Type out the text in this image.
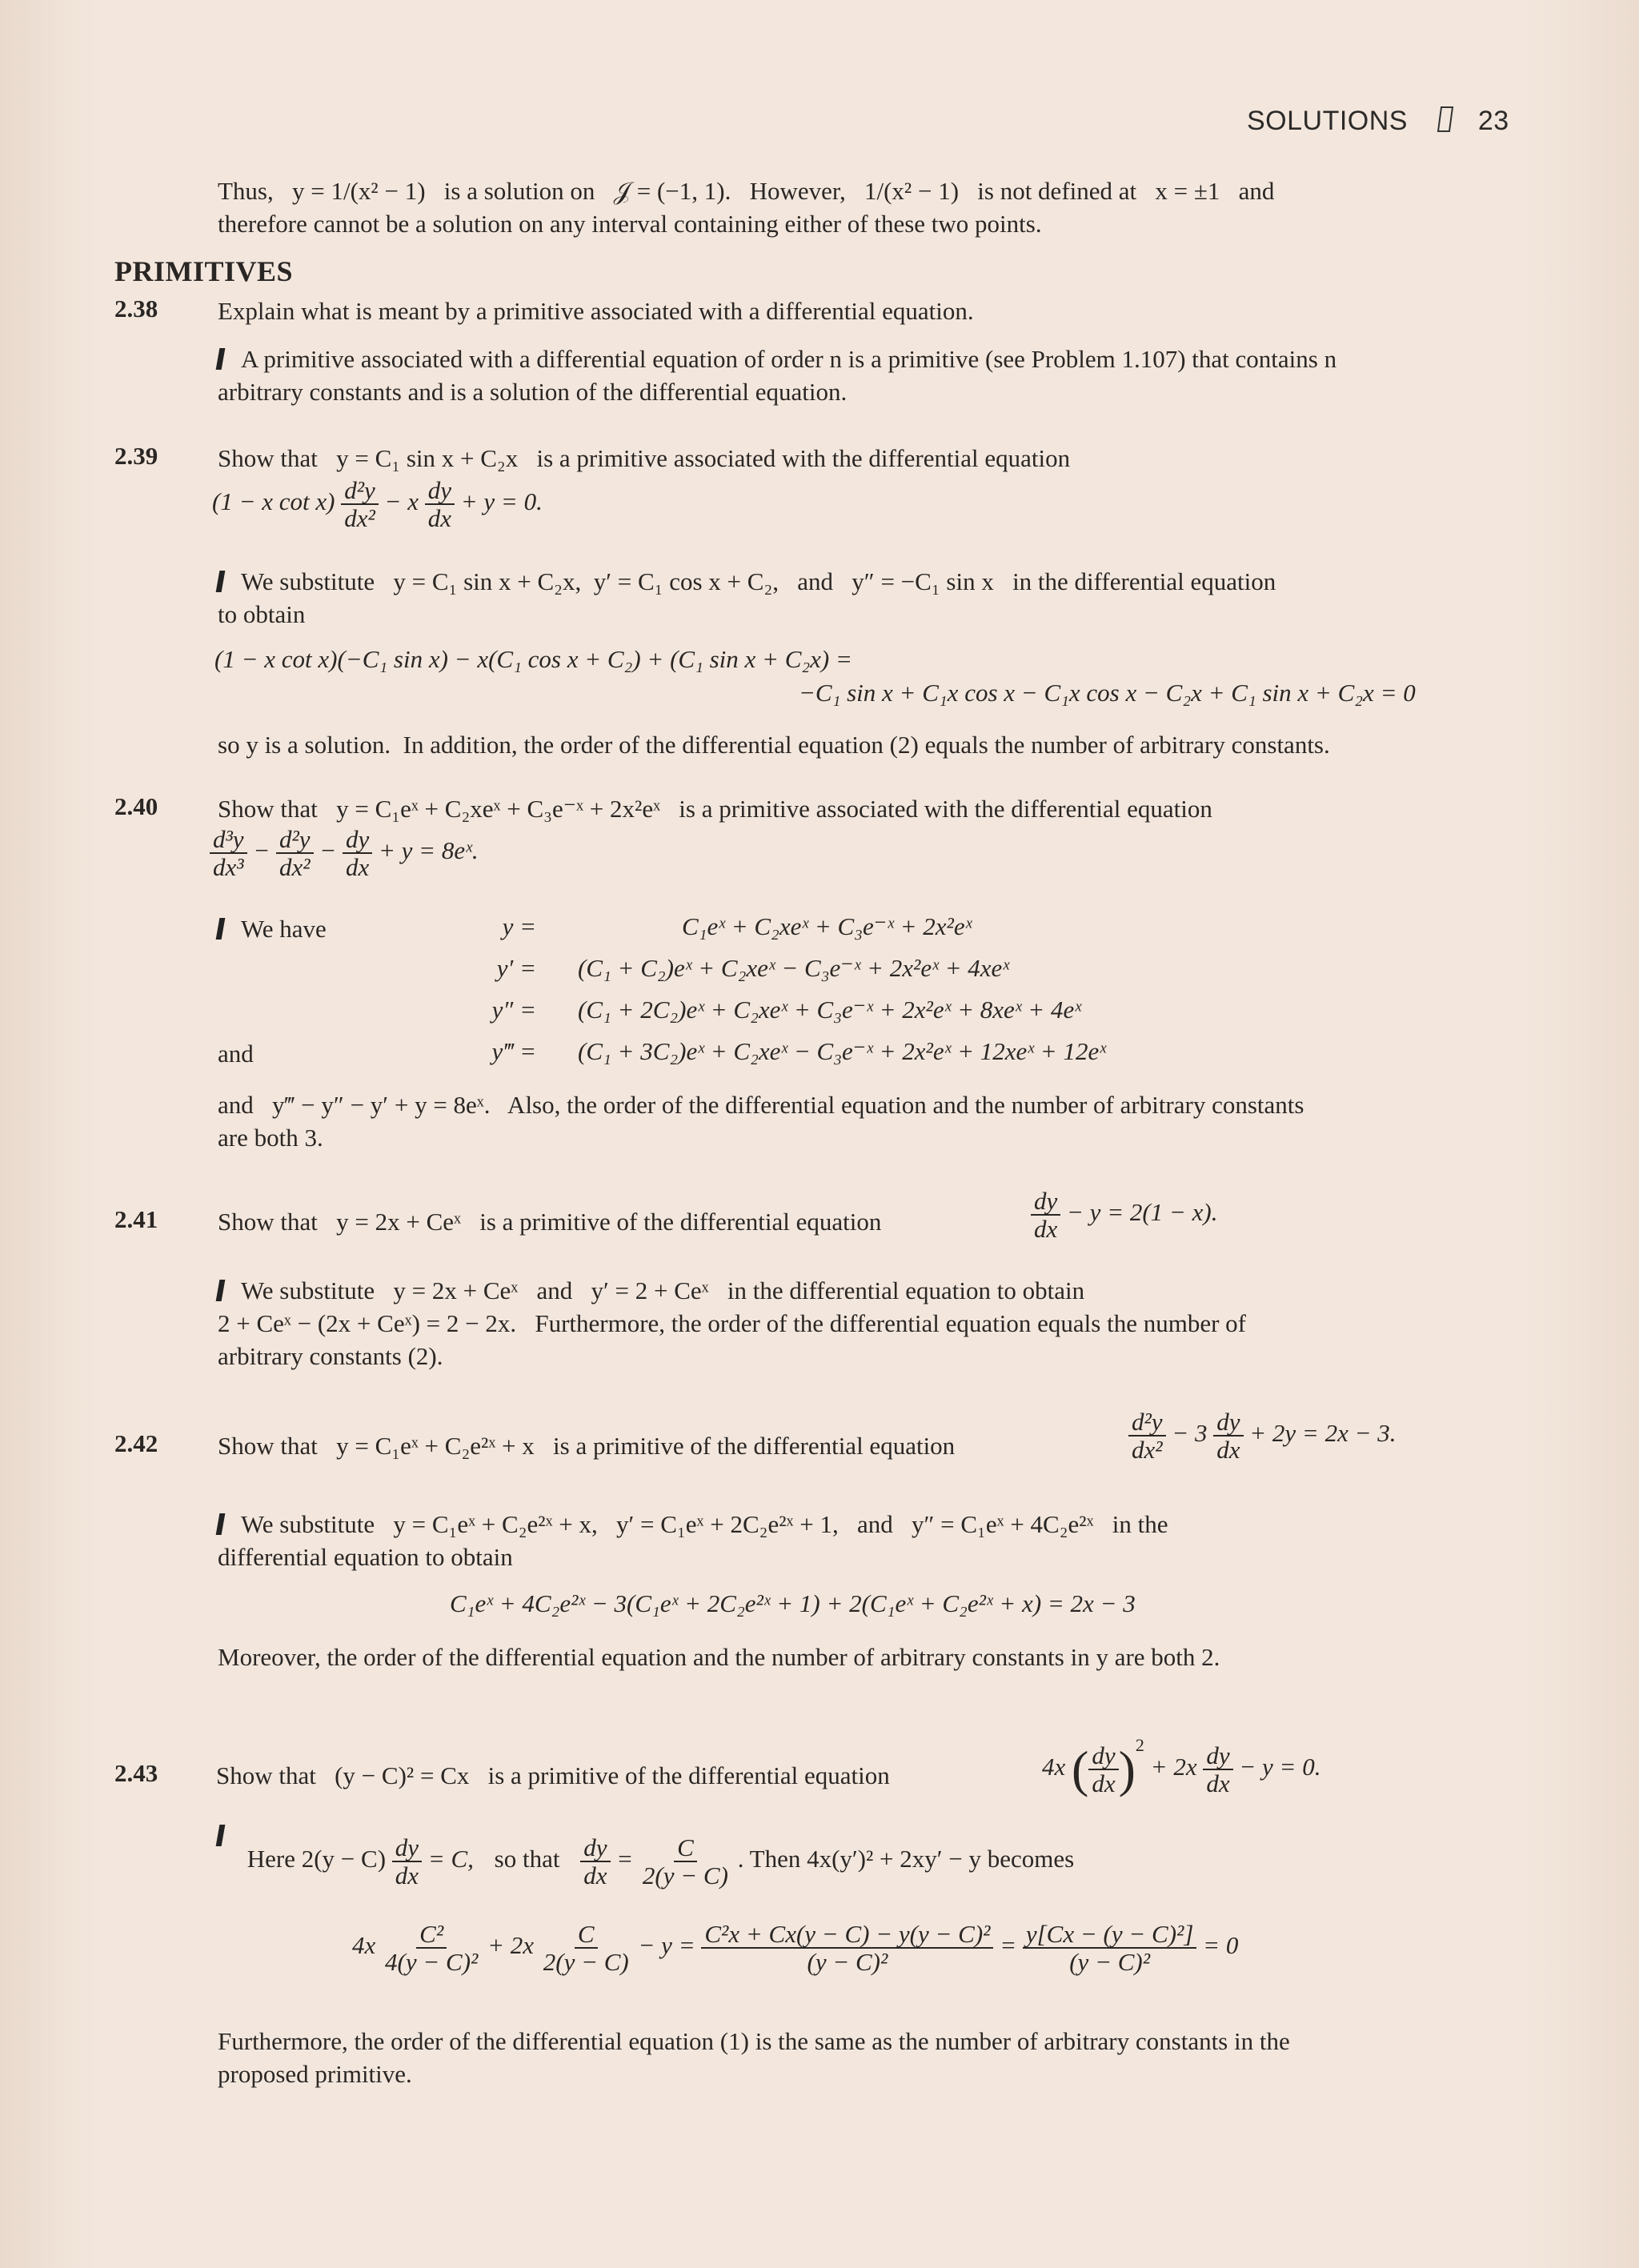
SOLUTIONS	23
Thus,   y = 1/(x² − 1)   is a solution on   𝒥 = (−1, 1).   However,   1/(x² − 1)   is not defined at   x = ±1   and
therefore cannot be a solution on any interval containing either of these two points.
PRIMITIVES
2.38 Explain what is meant by a primitive associated with a differential equation.
A primitive associated with a differential equation of order n is a primitive (see Problem 1.107) that contains n
arbitrary constants and is a solution of the differential equation.
2.39 Show that   y = C₁ sin x + C₂x   is a primitive associated with the differential equation
(1 − x $\cot x) \frac{\text{d²y}}{\text{dx²}} - x \frac{dy}{dx} + y = 0$.
We substitute   y = C₁ sin x + C₂x,  y′ = C₁ cos x + C₂,   and   y″ = −C₁ sin x   in the differential equation
to obtain
(1 − x cot x)(−C₁ sin x) − x(C₁ cos x + C₂) + (C₁ sin x + C₂x) =
−C₁ sin x + C₁x cos x − C₁x cos x − C₂x + C₁ sin x + C₂x = 0
so y is a solution.  In addition, the order of the differential equation (2) equals the number of arbitrary constants.
2.40 Show that   y = C₁eˣ + C₂xeˣ + C₃e⁻ˣ + 2x²eˣ   is a primitive associated with the differential equation
$\frac{\text{d³y}}{\text{dx³}} - \frac{\text{d²y}}{\text{dx²}} - \frac{dy}{dx} + y$ = 8eˣ.
We have	y =	C₁eˣ + C₂xeˣ + C₃e⁻ˣ + 2x²eˣ
y′ = (C₁ + C₂)eˣ + C₂xeˣ − C₃e⁻ˣ + 2x²eˣ + 4xeˣ
y″ = (C₁ + 2C₂)eˣ + C₂xeˣ + C₃e⁻ˣ + 2x²eˣ + 8xeˣ + 4eˣ
and	y‴ = (C₁ + 3C₂)eˣ + C₂xeˣ − C₃e⁻ˣ + 2x²eˣ + 12xeˣ + 12eˣ
and   y‴ − y″ − y′ + y = 8eˣ.   Also, the order of the differential equation and the number of arbitrary constants
are both 3.
2.41 Show that   y = 2x + Ceˣ   is a primitive of the differential equation	$\frac{dy}{dx} - y = 2(1 - x)$.
We substitute   y = 2x + Ceˣ   and   y′ = 2 + Ceˣ   in the differential equation to obtain
2 + Ceˣ − (2x + Ceˣ) = 2 − 2x.   Furthermore, the order of the differential equation equals the number of
arbitrary constants (2).
2.42 Show that   y = C₁eˣ + C₂e²ˣ + x   is a primitive of the differential equation	$\frac{\text{d²y}}{\text{dx²}} - 3 \frac{dy}{dx} + 2y = 2x - 3$.
We substitute   y = C₁eˣ + C₂e²ˣ + x,   y′ = C₁eˣ + 2C₂e²ˣ + 1,   and   y″ = C₁eˣ + 4C₂e²ˣ   in the
differential equation to obtain
C₁eˣ + 4C₂e²ˣ − 3(C₁eˣ + 2C₂e²ˣ + 1) + 2(C₁eˣ + C₂e²ˣ + x) = 2x − 3
Moreover, the order of the differential equation and the number of arbitrary constants in y are both 2.
2.43 Show that   (y − C)² = Cx   is a primitive of the differential equation	4x ( $\frac{dy}{dx} )^2 + 2x \frac{dy}{dx} - y = 0$.
Here $2(y - C) \frac{dy}{dx} = C$, so that $\frac{dy}{dx} = \frac{C}{2(y - C)}$ . Then 4x(y′)² + 2xy′ − y becomes
$4x \frac{\text{C²}}{\text{4(y − C)²}} + 2x \frac{C}{2(y - C)} - y = \frac{\text{C²x + Cx(y − C) − y(y − C)²}}{\text{(y − C)²}} = \frac{\text{y[Cx − (y − C)²]}}{\text{(y − C)²}} = 0$
Furthermore, the order of the differential equation (1) is the same as the number of arbitrary constants in the
proposed primitive.
